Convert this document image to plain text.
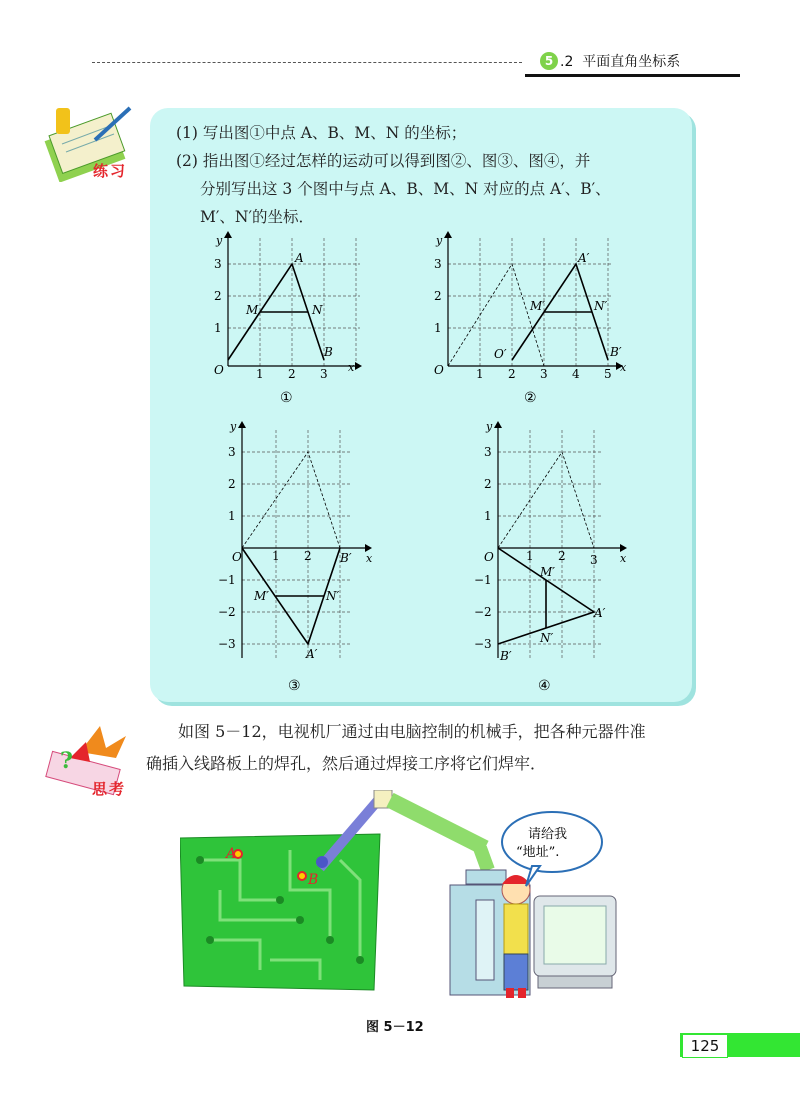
5 .2 平面直角坐标系
练习
(1) 写出图①中点 A、B、M、N 的坐标；
(2) 指出图①经过怎样的运动可以得到图②、图③、图④，并
分别写出这 3 个图中与点 A、B、M、N 对应的点 A′、B′、
M′、N′的坐标．
3
2
1
1 2 3
O
A
B
M	N
x
y
①
3
2
1
1 2 3 4 5
O
O′
A′
B′
M′	N′
x
y
②
3
2
1
−1
−2
−3
1 2
O
A′
B′
M′	N′
x
y
③
3
2
1
−1
−2
−3
1 2 3
O
A′
B′
M′
N′
x
y
④
?
思考
如图 5－12，电视机厂通过由电脑控制的机械手，把各种元器件准
确插入线路板上的焊孔，然后通过焊接工序将它们焊牢．
A
B
请给我
“地址”.
图 5－12
125
